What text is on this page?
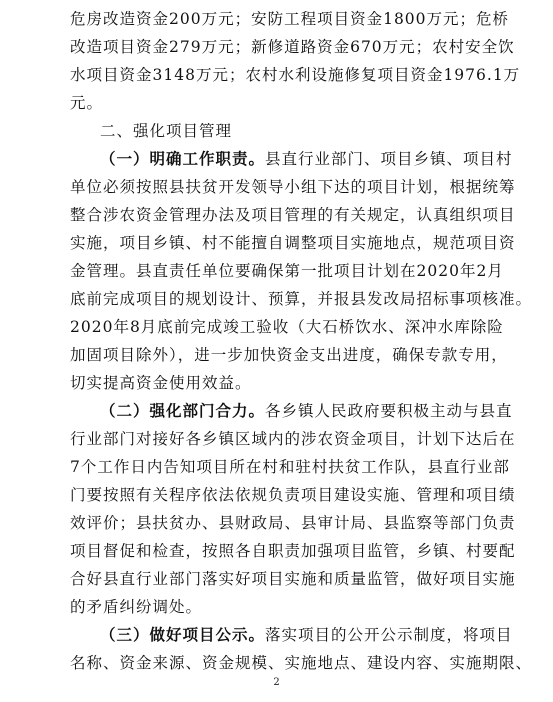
危房改造资金200万元；安防工程项目资金1800万元；危桥
改造项目资金279万元；新修道路资金670万元；农村安全饮
水项目资金3148万元；农村水利设施修复项目资金1976.1万
元。
二、强化项目管理
（一）明确工作职责。县直行业部门、项目乡镇、项目村
单位必须按照县扶贫开发领导小组下达的项目计划，根据统筹
整合涉农资金管理办法及项目管理的有关规定，认真组织项目
实施，项目乡镇、村不能擅自调整项目实施地点，规范项目资
金管理。县直责任单位要确保第一批项目计划在2020年2月
底前完成项目的规划设计、预算，并报县发改局招标事项核准。
2020年8月底前完成竣工验收（大石桥饮水、深冲水库除险
加固项目除外），进一步加快资金支出进度，确保专款专用，
切实提高资金使用效益。
（二）强化部门合力。各乡镇人民政府要积极主动与县直
行业部门对接好各乡镇区域内的涉农资金项目，计划下达后在
7个工作日内告知项目所在村和驻村扶贫工作队，县直行业部
门要按照有关程序依法依规负责项目建设实施、管理和项目绩
效评价；县扶贫办、县财政局、县审计局、县监察等部门负责
项目督促和检查，按照各自职责加强项目监管，乡镇、村要配
合好县直行业部门落实好项目实施和质量监管，做好项目实施
的矛盾纠纷调处。
（三）做好项目公示。落实项目的公开公示制度，将项目
名称、资金来源、资金规模、实施地点、建设内容、实施期限、
2
